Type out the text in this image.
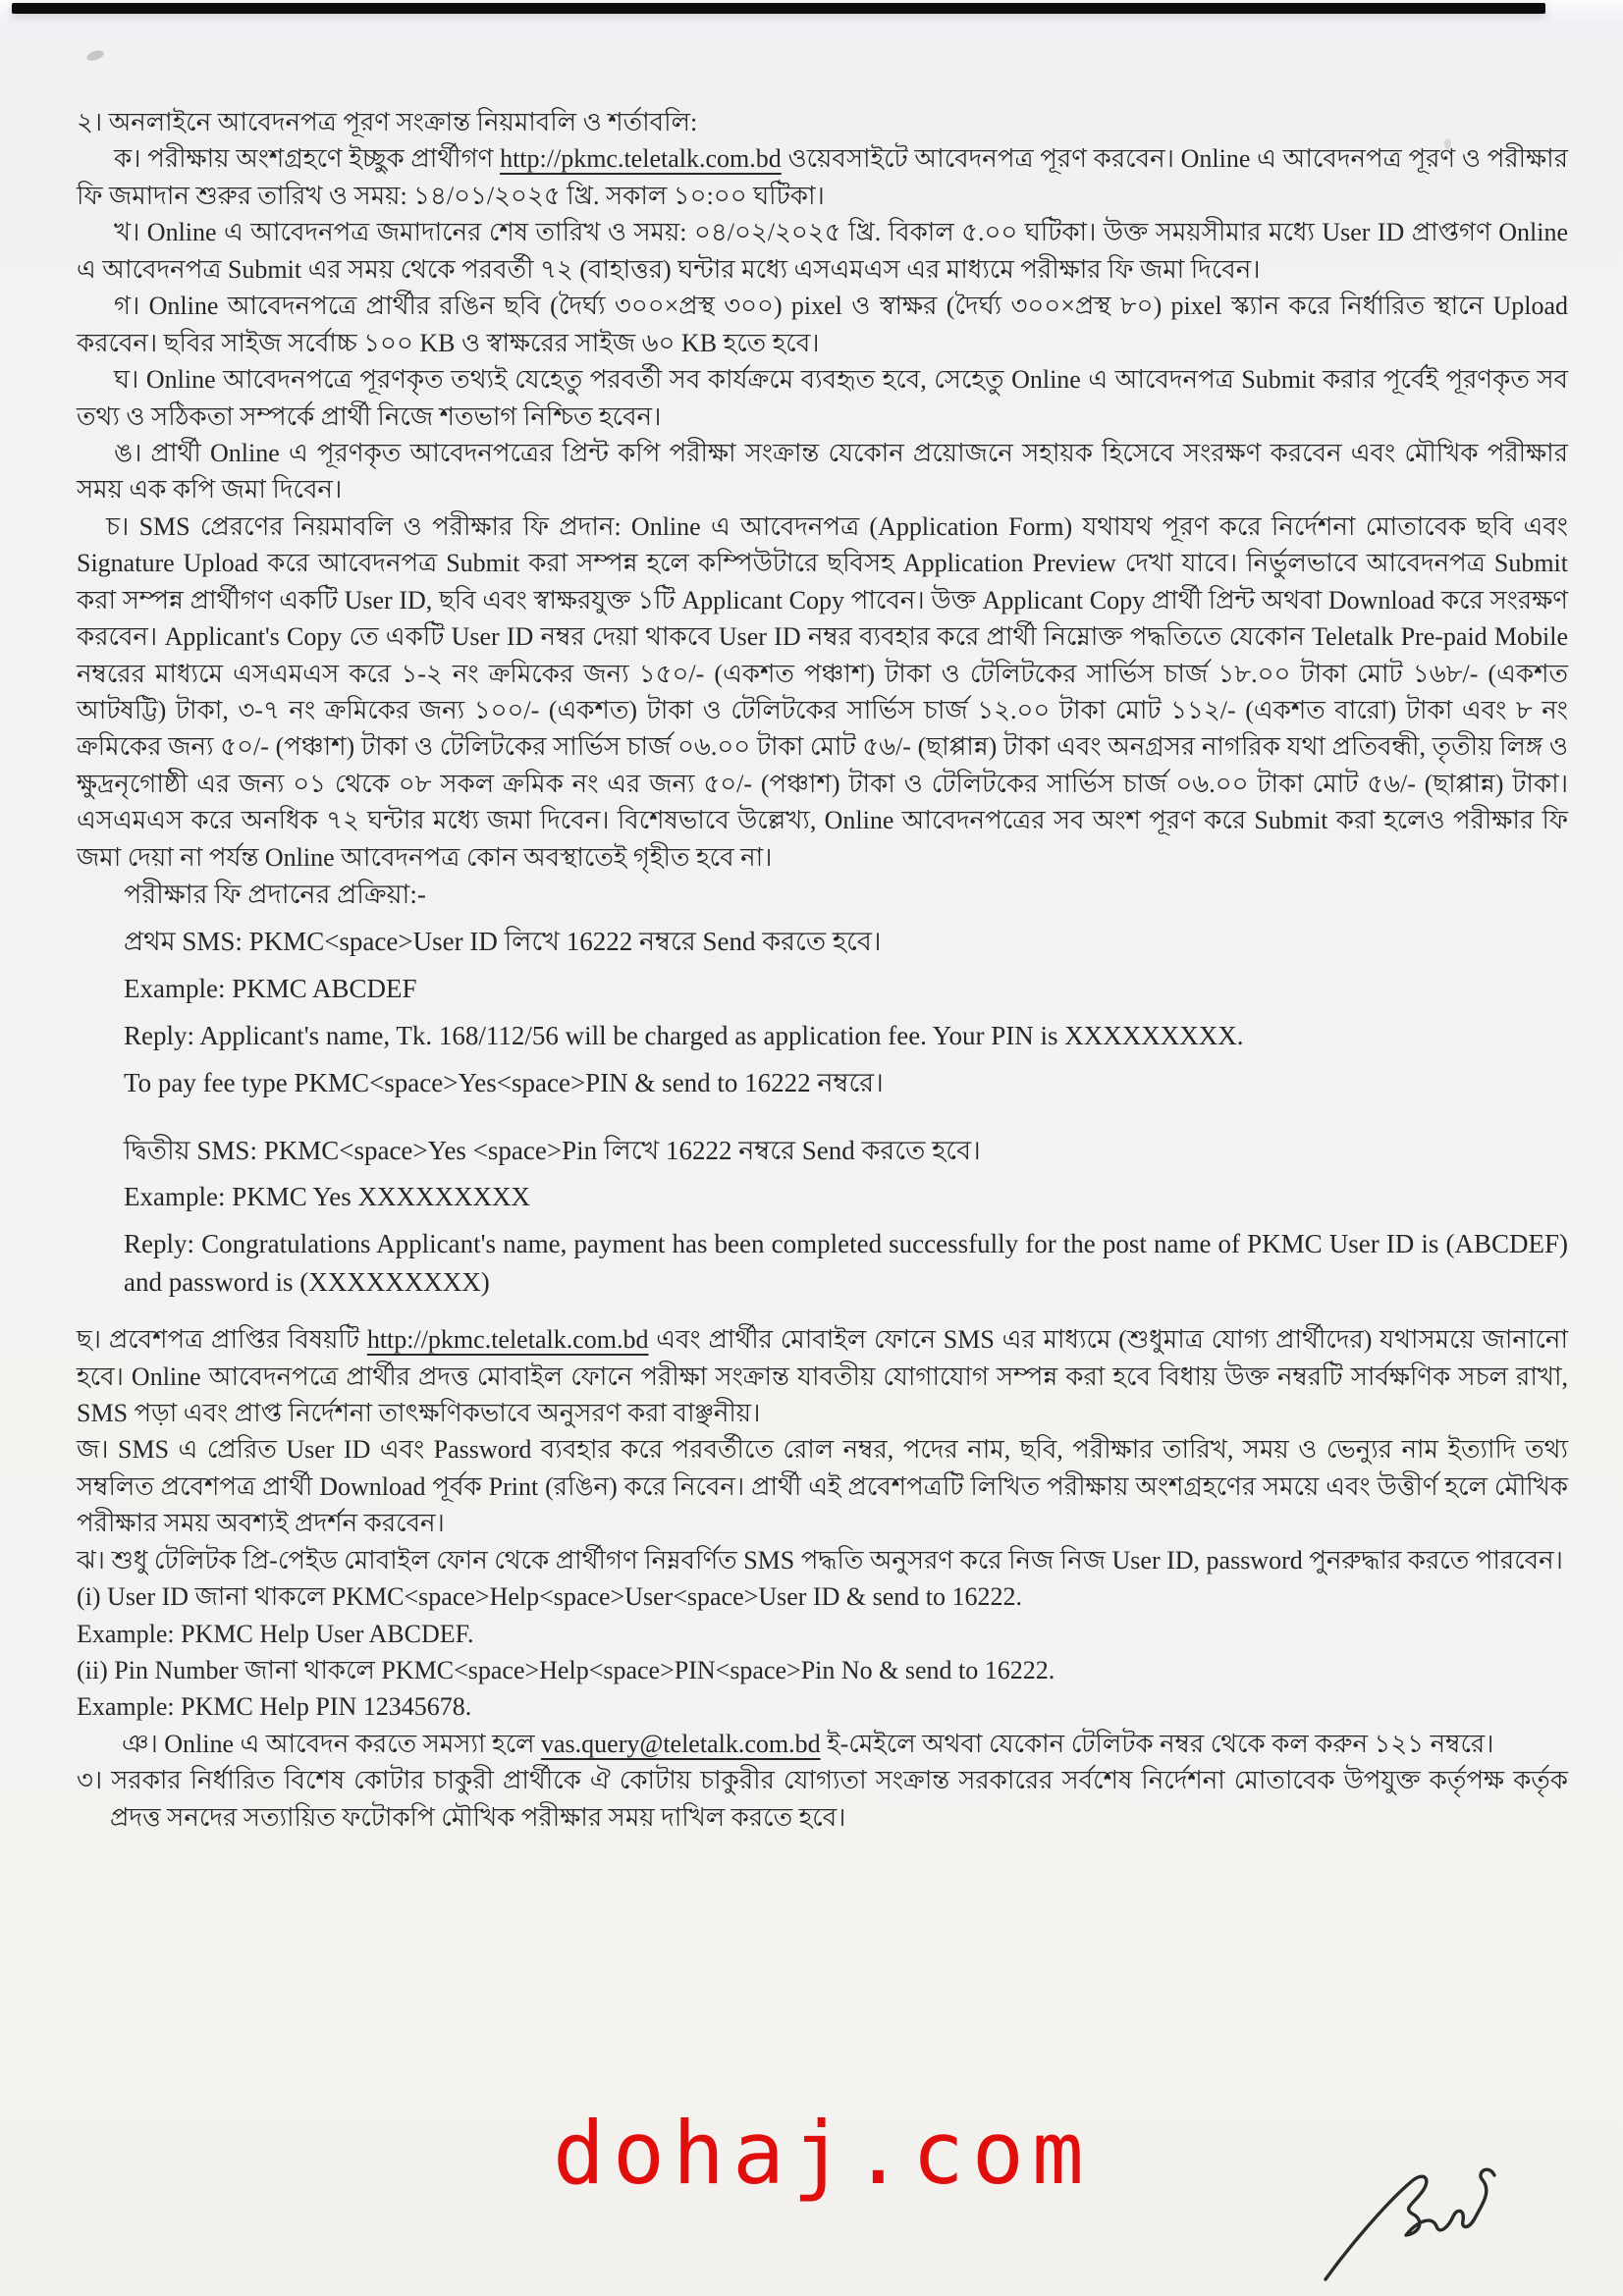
২। অনলাইনে আবেদনপত্র পূরণ সংক্রান্ত নিয়মাবলি ও শর্তাবলি:

ক। পরীক্ষায় অংশগ্রহণে ইচ্ছুক প্রার্থীগণ http://pkmc.teletalk.com.bd ওয়েবসাইটে আবেদনপত্র পূরণ করবেন। Online এ আবেদনপত্র পূরণ ও পরীক্ষার ফি জমাদান শুরুর তারিখ ও সময়: ১৪/০১/২০২৫ খ্রি. সকাল ১০:০০ ঘটিকা।

খ। Online এ আবেদনপত্র জমাদানের শেষ তারিখ ও সময়: ০৪/০২/২০২৫ খ্রি. বিকাল ৫.০০ ঘটিকা। উক্ত সময়সীমার মধ্যে User ID প্রাপ্তগণ Online এ আবেদনপত্র Submit এর সময় থেকে পরবর্তী ৭২ (বাহাত্তর) ঘন্টার মধ্যে এসএমএস এর মাধ্যমে পরীক্ষার ফি জমা দিবেন।

গ। Online আবেদনপত্রে প্রার্থীর রঙিন ছবি (দৈর্ঘ্য ৩০০×প্রস্থ ৩০০) pixel ও স্বাক্ষর (দৈর্ঘ্য ৩০০×প্রস্থ ৮০) pixel স্ক্যান করে নির্ধারিত স্থানে Upload করবেন। ছবির সাইজ সর্বোচ্চ ১০০ KB ও স্বাক্ষরের সাইজ ৬০ KB হতে হবে।

ঘ। Online আবেদনপত্রে পূরণকৃত তথ্যই যেহেতু পরবর্তী সব কার্যক্রমে ব্যবহৃত হবে, সেহেতু Online এ আবেদনপত্র Submit করার পূর্বেই পূরণকৃত সব তথ্য ও সঠিকতা সম্পর্কে প্রার্থী নিজে শতভাগ নিশ্চিত হবেন।

ঙ। প্রার্থী Online এ পূরণকৃত আবেদনপত্রের প্রিন্ট কপি পরীক্ষা সংক্রান্ত যেকোন প্রয়োজনে সহায়ক হিসেবে সংরক্ষণ করবেন এবং মৌখিক পরীক্ষার সময় এক কপি জমা দিবেন।

চ। SMS প্রেরণের নিয়মাবলি ও পরীক্ষার ফি প্রদান: Online এ আবেদনপত্র (Application Form) যথাযথ পূরণ করে নির্দেশনা মোতাবেক ছবি এবং Signature Upload করে আবেদনপত্র Submit করা সম্পন্ন হলে কম্পিউটারে ছবিসহ Application Preview দেখা যাবে। নির্ভুলভাবে আবেদনপত্র Submit করা সম্পন্ন প্রার্থীগণ একটি User ID, ছবি এবং স্বাক্ষরযুক্ত ১টি Applicant Copy পাবেন। উক্ত Applicant Copy প্রার্থী প্রিন্ট অথবা Download করে সংরক্ষণ করবেন। Applicant's Copy তে একটি User ID নম্বর দেয়া থাকবে User ID নম্বর ব্যবহার করে প্রার্থী নিম্নোক্ত পদ্ধতিতে যেকোন Teletalk Pre-paid Mobile নম্বরের মাধ্যমে এসএমএস করে ১-২ নং ক্রমিকের জন্য ১৫০/- (একশত পঞ্চাশ) টাকা ও টেলিটকের সার্ভিস চার্জ ১৮.০০ টাকা মোট ১৬৮/- (একশত আটষট্টি) টাকা, ৩-৭ নং ক্রমিকের জন্য ১০০/- (একশত) টাকা ও টেলিটকের সার্ভিস চার্জ ১২.০০ টাকা মোট ১১২/- (একশত বারো) টাকা এবং ৮ নং ক্রমিকের জন্য ৫০/- (পঞ্চাশ) টাকা ও টেলিটকের সার্ভিস চার্জ ০৬.০০ টাকা মোট ৫৬/- (ছাপ্পান্ন) টাকা এবং অনগ্রসর নাগরিক যথা প্রতিবন্ধী, তৃতীয় লিঙ্গ ও ক্ষুদ্রনৃগোষ্ঠী এর জন্য ০১ থেকে ০৮ সকল ক্রমিক নং এর জন্য ৫০/- (পঞ্চাশ) টাকা ও টেলিটকের সার্ভিস চার্জ ০৬.০০ টাকা মোট ৫৬/- (ছাপ্পান্ন) টাকা। এসএমএস করে অনধিক ৭২ ঘন্টার মধ্যে জমা দিবেন। বিশেষভাবে উল্লেখ্য, Online আবেদনপত্রের সব অংশ পূরণ করে Submit করা হলেও পরীক্ষার ফি জমা দেয়া না পর্যন্ত Online আবেদনপত্র কোন অবস্থাতেই গৃহীত হবে না।

পরীক্ষার ফি প্রদানের প্রক্রিয়া:-

প্রথম SMS: PKMC<space>User ID লিখে 16222 নম্বরে Send করতে হবে।

Example: PKMC ABCDEF

Reply: Applicant's name, Tk. 168/112/56 will be charged as application fee. Your PIN is XXXXXXXXX.

To pay fee type PKMC<space>Yes<space>PIN & send to 16222 নম্বরে।

দ্বিতীয় SMS: PKMC<space>Yes <space>Pin লিখে 16222 নম্বরে Send করতে হবে।

Example: PKMC Yes XXXXXXXXX

Reply: Congratulations Applicant's name, payment has been completed successfully for the post name of PKMC User ID is (ABCDEF) and password is (XXXXXXXXX)

ছ। প্রবেশপত্র প্রাপ্তির বিষয়টি http://pkmc.teletalk.com.bd এবং প্রার্থীর মোবাইল ফোনে SMS এর মাধ্যমে (শুধুমাত্র যোগ্য প্রার্থীদের) যথাসময়ে জানানো হবে। Online আবেদনপত্রে প্রার্থীর প্রদত্ত মোবাইল ফোনে পরীক্ষা সংক্রান্ত যাবতীয় যোগাযোগ সম্পন্ন করা হবে বিধায় উক্ত নম্বরটি সার্বক্ষণিক সচল রাখা, SMS পড়া এবং প্রাপ্ত নির্দেশনা তাৎক্ষণিকভাবে অনুসরণ করা বাঞ্ছনীয়।

জ। SMS এ প্রেরিত User ID এবং Password ব্যবহার করে পরবর্তীতে রোল নম্বর, পদের নাম, ছবি, পরীক্ষার তারিখ, সময় ও ভেন্যুর নাম ইত্যাদি তথ্য সম্বলিত প্রবেশপত্র প্রার্থী Download পূর্বক Print (রঙিন) করে নিবেন। প্রার্থী এই প্রবেশপত্রটি লিখিত পরীক্ষায় অংশগ্রহণের সময়ে এবং উত্তীর্ণ হলে মৌখিক পরীক্ষার সময় অবশ্যই প্রদর্শন করবেন।

ঝ। শুধু টেলিটক প্রি-পেইড মোবাইল ফোন থেকে প্রার্থীগণ নিম্নবর্ণিত SMS পদ্ধতি অনুসরণ করে নিজ নিজ User ID, password পুনরুদ্ধার করতে পারবেন।

(i) User ID জানা থাকলে PKMC<space>Help<space>User<space>User ID & send to 16222.

Example: PKMC Help User ABCDEF.

(ii) Pin Number জানা থাকলে PKMC<space>Help<space>PIN<space>Pin No & send to 16222.

Example: PKMC Help PIN 12345678.

ঞ। Online এ আবেদন করতে সমস্যা হলে vas.query@teletalk.com.bd ই-মেইলে অথবা যেকোন টেলিটক নম্বর থেকে কল করুন ১২১ নম্বরে।

৩। সরকার নির্ধারিত বিশেষ কোটার চাকুরী প্রার্থীকে ঐ কোটায় চাকুরীর যোগ্যতা সংক্রান্ত সরকারের সর্বশেষ নির্দেশনা মোতাবেক উপযুক্ত কর্তৃপক্ষ কর্তৃক প্রদত্ত সনদের সত্যায়িত ফটোকপি মৌখিক পরীক্ষার সময় দাখিল করতে হবে।

dohaj.com
